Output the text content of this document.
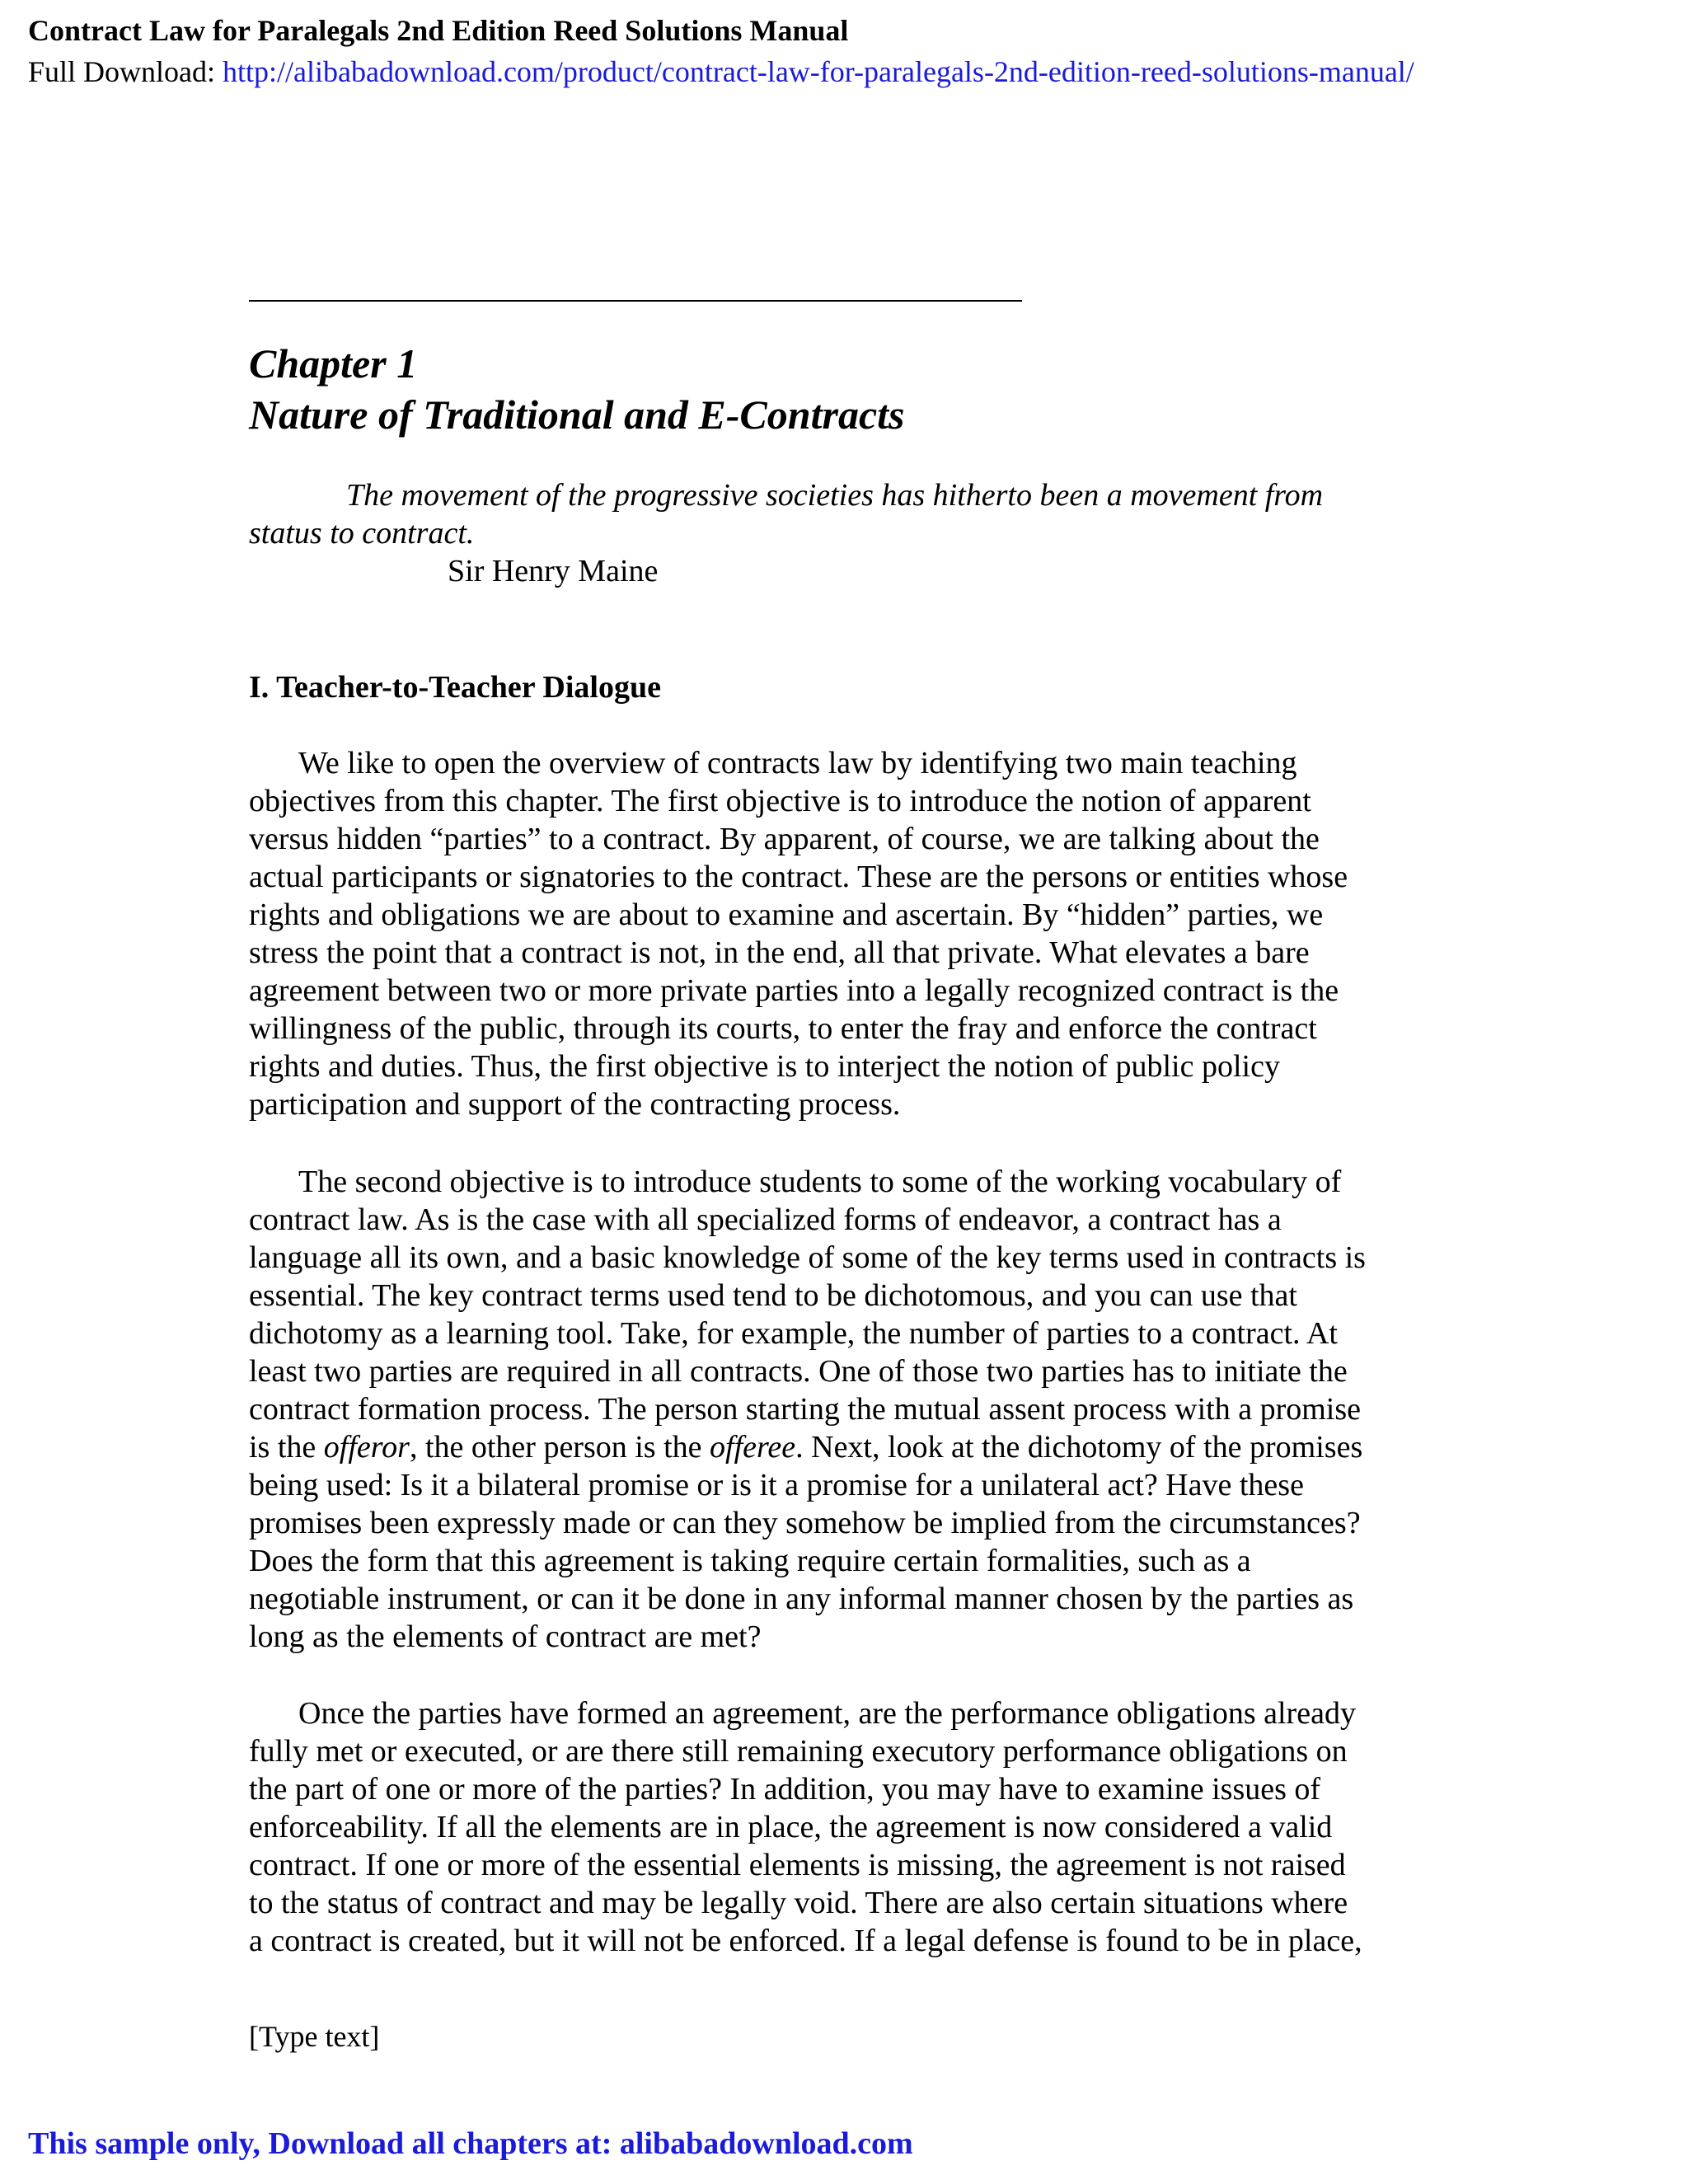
Contract Law for Paralegals 2nd Edition Reed Solutions Manual
Full Download: http://alibabadownload.com/product/contract-law-for-paralegals-2nd-edition-reed-solutions-manual/
Chapter 1
Nature of Traditional and E-Contracts
The movement of the progressive societies has hitherto been a movement from
status to contract.
Sir Henry Maine
I. Teacher-to-Teacher Dialogue
We like to open the overview of contracts law by identifying two main teaching
objectives from this chapter. The first objective is to introduce the notion of apparent
versus hidden “parties” to a contract. By apparent, of course, we are talking about the
actual participants or signatories to the contract. These are the persons or entities whose
rights and obligations we are about to examine and ascertain. By “hidden” parties, we
stress the point that a contract is not, in the end, all that private. What elevates a bare
agreement between two or more private parties into a legally recognized contract is the
willingness of the public, through its courts, to enter the fray and enforce the contract
rights and duties. Thus, the first objective is to interject the notion of public policy
participation and support of the contracting process.
The second objective is to introduce students to some of the working vocabulary of
contract law. As is the case with all specialized forms of endeavor, a contract has a
language all its own, and a basic knowledge of some of the key terms used in contracts is
essential. The key contract terms used tend to be dichotomous, and you can use that
dichotomy as a learning tool. Take, for example, the number of parties to a contract. At
least two parties are required in all contracts. One of those two parties has to initiate the
contract formation process. The person starting the mutual assent process with a promise
is the offeror, the other person is the offeree. Next, look at the dichotomy of the promises
being used: Is it a bilateral promise or is it a promise for a unilateral act? Have these
promises been expressly made or can they somehow be implied from the circumstances?
Does the form that this agreement is taking require certain formalities, such as a
negotiable instrument, or can it be done in any informal manner chosen by the parties as
long as the elements of contract are met?
Once the parties have formed an agreement, are the performance obligations already
fully met or executed, or are there still remaining executory performance obligations on
the part of one or more of the parties? In addition, you may have to examine issues of
enforceability. If all the elements are in place, the agreement is now considered a valid
contract. If one or more of the essential elements is missing, the agreement is not raised
to the status of contract and may be legally void. There are also certain situations where
a contract is created, but it will not be enforced. If a legal defense is found to be in place,
[Type text]
This sample only, Download all chapters at: alibabadownload.com
